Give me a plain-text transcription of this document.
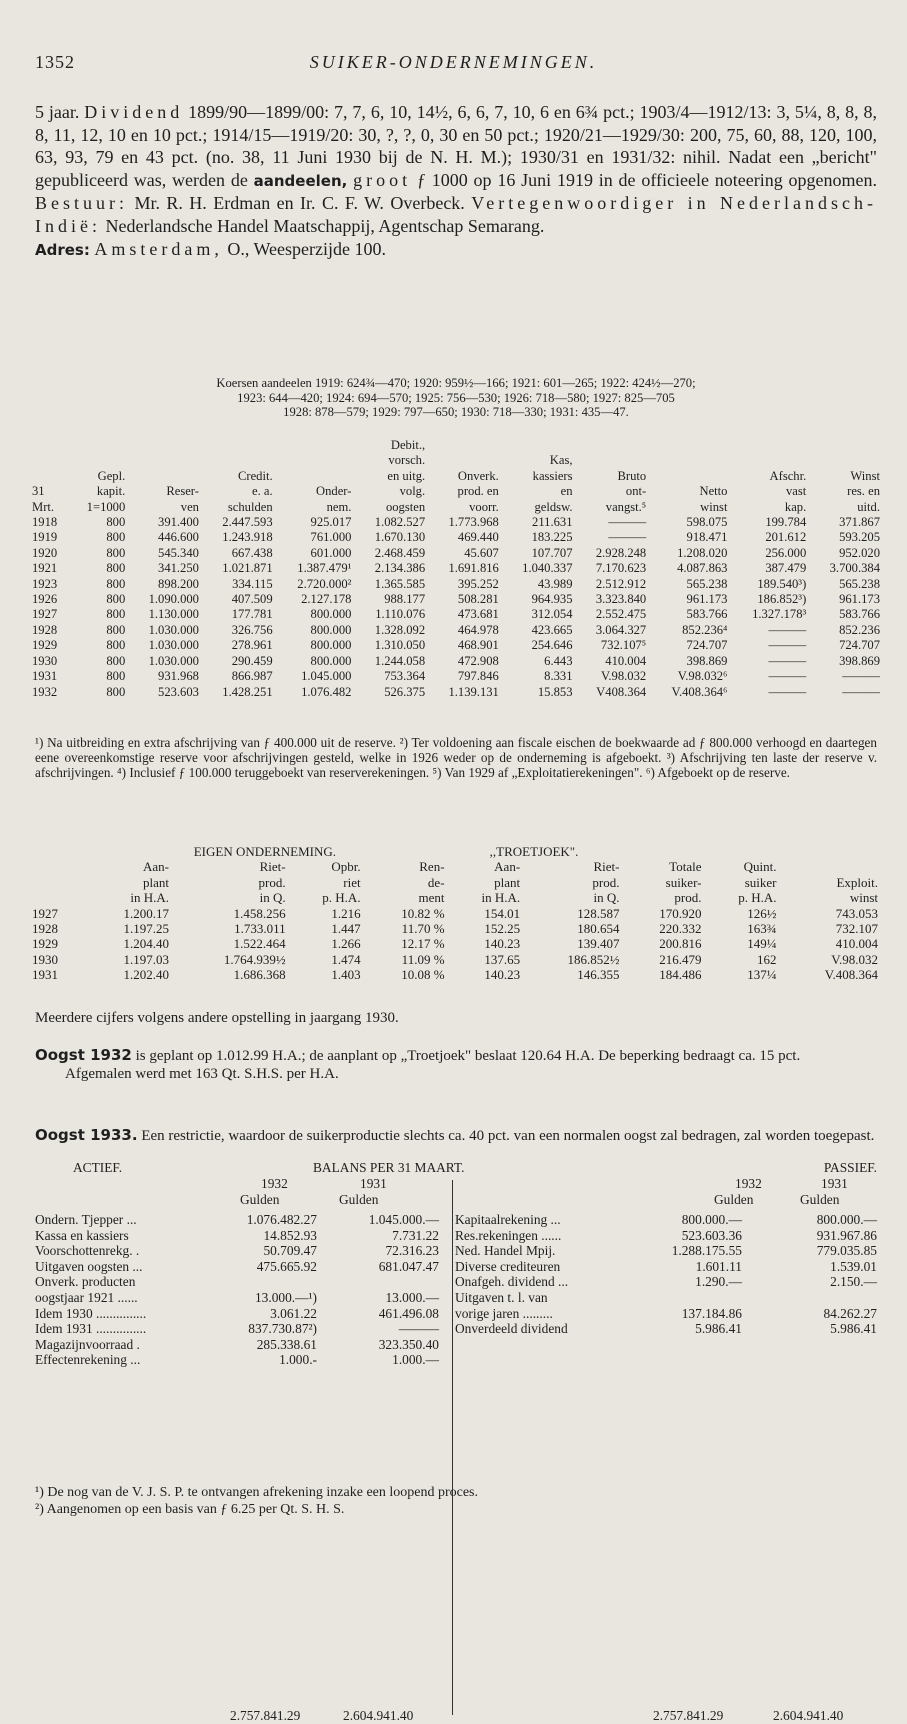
1352	SUIKER-ONDERNEMINGEN.

5 jaar. Dividend 1899/90—1899/00: 7, 7, 6, 10, 14½, 6, 6, 7, 10, 6 en 6¾ pct.; 1903/4—1912/13: 3, 5¼, 8, 8, 8, 8, 11, 12, 10 en 10 pct.; 1914/15—1919/20: 30, ?, ?, 0, 30 en 50 pct.; 1920/21—1929/30: 200, 75, 60, 88, 120, 100, 63, 93, 79 en 43 pct. (no. 38, 11 Juni 1930 bij de N. H. M.); 1930/31 en 1931/32: nihil. Nadat een „bericht" gepubliceerd was, werden de aandeelen, groot ƒ 1000 op 16 Juni 1919 in de officieele noteering opgenomen. Bestuur: Mr. R. H. Erdman en Ir. C. F. W. Overbeck. Vertegenwoordiger in Nederlandsch-Indië: Nederlandsche Handel Maatschappij, Agentschap Semarang.

Adres: Amsterdam, O., Weesperzijde 100.

Koersen aandeelen 1919: 624¾—470; 1920: 959½—166; 1921: 601—265; 1922: 424½—270;

1923: 644—420; 1924: 694—570; 1925: 756—530; 1926: 718—580; 1927: 825—705

1928: 878—579; 1929: 797—650; 1930: 718—330; 1931: 435—47.

					Debit.,						
					vorsch.		Kas,				
	Gepl.		Credit.		en uitg.	Onverk.	kassiers	Bruto		Afschr.	Winst
31	kapit.	Reser-	e. a.	Onder-	volg.	prod. en	en	ont-	Netto	vast	res. en
Mrt.	1=1000	ven	schulden	nem.	oogsten	voorr.	geldsw.	vangst.⁵	winst	kap.	uitd.
1918	800	391.400	2.447.593	925.017	1.082.527	1.773.968	211.631	———	598.075	199.784	371.867
1919	800	446.600	1.243.918	761.000	1.670.130	469.440	183.225	———	918.471	201.612	593.205
1920	800	545.340	667.438	601.000	2.468.459	45.607	107.707	2.928.248	1.208.020	256.000	952.020
1921	800	341.250	1.021.871	1.387.479¹	2.134.386	1.691.816	1.040.337	7.170.623	4.087.863	387.479	3.700.384
1923	800	898.200	334.115	2.720.000²	1.365.585	395.252	43.989	2.512.912	565.238	189.540³)	565.238
1926	800	1.090.000	407.509	2.127.178	988.177	508.281	964.935	3.323.840	961.173	186.852³)	961.173
1927	800	1.130.000	177.781	800.000	1.110.076	473.681	312.054	2.552.475	583.766	1.327.178³	583.766
1928	800	1.030.000	326.756	800.000	1.328.092	464.978	423.665	3.064.327	852.236⁴	———	852.236
1929	800	1.030.000	278.961	800.000	1.310.050	468.901	254.646	732.107⁵	724.707	———	724.707
1930	800	1.030.000	290.459	800.000	1.244.058	472.908	6.443	410.004	398.869	———	398.869
1931	800	931.968	866.987	1.045.000	753.364	797.846	8.331	V.98.032	V.98.032⁶	———	———
1932	800	523.603	1.428.251	1.076.482	526.375	1.139.131	15.853	V408.364	V.408.364⁶	———	———

¹) Na uitbreiding en extra afschrijving van ƒ 400.000 uit de reserve. ²) Ter voldoening aan fiscale eischen de boekwaarde ad ƒ 800.000 verhoogd en daartegen eene overeenkomstige reserve voor afschrijvingen gesteld, welke in 1926 weder op de onderneming is afgeboekt. ³) Afschrijving ten laste der reserve v. afschrijvingen. ⁴) Inclusief ƒ 100.000 teruggeboekt van reserverekeningen. ⁵) Van 1929 af „Exploitatierekeningen". ⁶) Afgeboekt op de reserve.

	EIGEN ONDERNEMING.				,,TROETJOEK".				
	Aan-	Riet-	Opbr.	Ren-	Aan-	Riet-	Totale	Quint.	
	plant	prod.	riet	de-	plant	prod.	suiker-	suiker	Exploit.
	in H.A.	in Q.	p. H.A.	ment	in H.A.	in Q.	prod.	p. H.A.	winst
1927	1.200.17	1.458.256	1.216	10.82 %	154.01	128.587	170.920	126½	743.053
1928	1.197.25	1.733.011	1.447	11.70 %	152.25	180.654	220.332	163¾	732.107
1929	1.204.40	1.522.464	1.266	12.17 %	140.23	139.407	200.816	149¼	410.004
1930	1.197.03	1.764.939½	1.474	11.09 %	137.65	186.852½	216.479	162	V.98.032
1931	1.202.40	1.686.368	1.403	10.08 %	140.23	146.355	184.486	137¼	V.408.364

Meerdere cijfers volgens andere opstelling in jaargang 1930.

Oogst 1932 is geplant op 1.012.99 H.A.; de aanplant op „Troetjoek" beslaat 120.64 H.A. De beperking bedraagt ca. 15 pct.

Afgemalen werd met 163 Qt. S.H.S. per H.A.

Oogst 1933. Een restrictie, waardoor de suikerproductie slechts ca. 40 pct. van een normalen oogst zal bedragen, zal worden toegepast.

ACTIEF.	BALANS PER 31 MAART.	PASSIEF.
1932	1931
Gulden	Gulden
1932	1931
Gulden	Gulden
Ondern. Tjepper ...	1.076.482.27	1.045.000.—
Kassa en kassiers	14.852.93	7.731.22
Voorschottenrekg. .	50.709.47	72.316.23
Uitgaven oogsten ...	475.665.92	681.047.47
Onverk. producten
oogstjaar 1921 ......	13.000.—¹)	13.000.—
Idem 1930 ...............	3.061.22	461.496.08
Idem 1931 ...............	837.730.87²)	———
Magazijnvoorraad .	285.338.61	323.350.40
Effectenrekening ...	1.000.-	1.000.—
Kapitaalrekening ...	800.000.—	800.000.—
Res.rekeningen ......	523.603.36	931.967.86
Ned. Handel Mpij.	1.288.175.55	779.035.85
Diverse crediteuren	1.601.11	1.539.01
Onafgeh. dividend ...	1.290.—	2.150.—
Uitgaven t. l. van
vorige jaren .........	137.184.86	84.262.27
Onverdeeld dividend	5.986.41	5.986.41
2.757.841.29	2.604.941.40	2.757.841.29	2.604.941.40

¹) De nog van de V. J. S. P. te ontvangen afrekening inzake een loopend proces.

²) Aangenomen op een basis van ƒ 6.25 per Qt. S. H. S.
